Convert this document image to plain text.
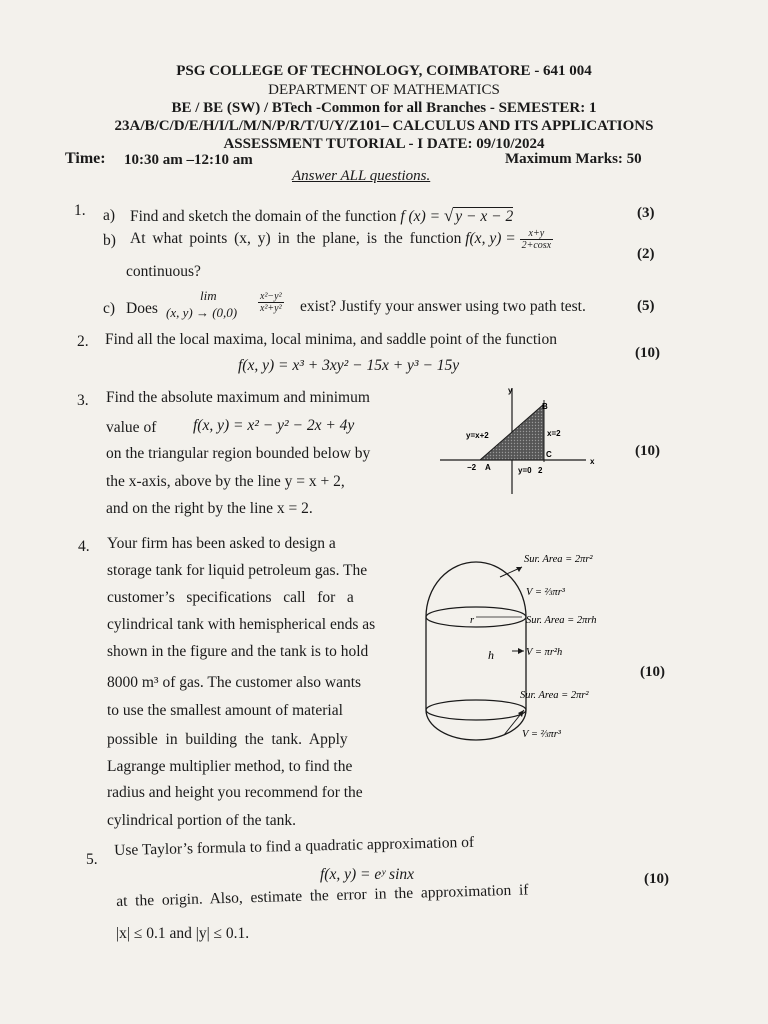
PSG COLLEGE OF TECHNOLOGY, COIMBATORE - 641 004
DEPARTMENT OF MATHEMATICS
BE / BE (SW) / BTech -Common for all Branches - SEMESTER: 1
23A/B/C/D/E/H/I/L/M/N/P/R/T/U/Y/Z101– CALCULUS AND ITS APPLICATIONS
ASSESSMENT TUTORIAL - I DATE: 09/10/2024
Time: 10:30 am –12:10 am	Maximum Marks: 50
Answer ALL questions.
1. a) Find and sketch the domain of the function f (x) = √ y − x − 2	(3)
b) At what points (x, y) in the plane, is the function f(x, $y) = \frac{x+y}{2+\cos x}$
continuous?
(2)
c) Does
lim
(x, $y) \to (0,0) \frac{\text{x²−y²}}{\text{x²+y²}}$ exist? Justify your answer using two path test.	(5)
2. Find all the local maxima, local minima, and saddle point of the function
f(x, y) = x³ + 3xy² − 15x + y³ − 15y
(10)
3. Find the absolute maximum and minimum
value of f(x, y) = x² − y² − 2x + 4y
on the triangular region bounded below by
the x-axis, above by the line y = x + 2,
and on the right by the line x = 2.
(10)
y
x
y=x+2	x=2
y=0
A
B
C
−2	2
4. Your firm has been asked to design a
storage tank for liquid petroleum gas. The
customer’s   specifications   call   for   a
cylindrical tank with hemispherical ends as
shown in the figure and the tank is to hold
8000 m³ of gas. The customer also wants
to use the smallest amount of material
possible  in  building  the  tank.  Apply
Lagrange multiplier method, to find the
radius and height you recommend for the
cylindrical portion of the tank.
(10)
r
h
Sur. Area = 2πr²
V = ⅔πr³
Sur. Area = 2πrh
V = πr²h
Sur. Area = 2πr²
V = ⅔πr³
5.
Use Taylor’s formula to find a quadratic approximation of
f(x, y) = eʸ sinx
at  the  origin.  Also,  estimate  the  error  in  the  approximation  if
|x| ≤ 0.1 and |y| ≤ 0.1.
(10)
